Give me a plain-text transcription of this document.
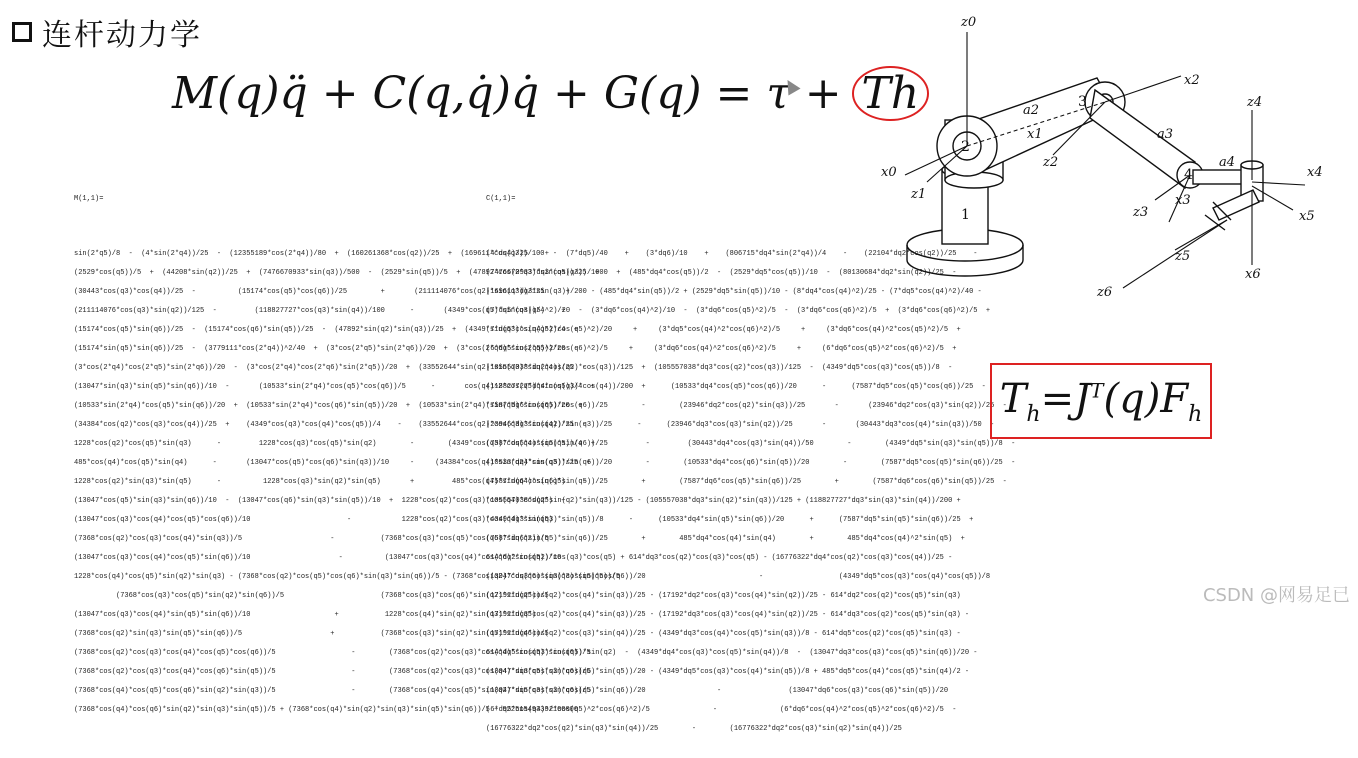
连杆动力学
M(q)q̈ + C(q,q̇)q̇ + G(q) = τ + Th

M(1,1)=

sin(2*q5)/8  -  (4*sin(2*q4))/25  -  (12355189*cos(2*q4))/80  +  (160261368*cos(q2))/25  +  (169611*cos(q3))/100  -
(2529*cos(q5))/5  +  (44208*sin(q2))/25  +  (7476670933*sin(q3))/500  -  (2529*sin(q5))/5  +  (47892*cos(2*q3)*sin(q5))/25  +
(30443*cos(q3)*cos(q4))/25  -          (15174*cos(q5)*cos(q6))/25        +       (211114076*cos(q2)*sin(q3))/125     +
(211114076*cos(q3)*sin(q2))/125  -         (118827727*cos(q3)*sin(q4))/100      -       (4349*cos(q5)*sin(q3))/4    +
(15174*cos(q5)*sin(q6))/25  -  (15174*cos(q6)*sin(q5))/25  -  (47892*sin(q2)*sin(q3))/25  +  (4349*sin(q3)*sin(q5))/4  +
(15174*sin(q5)*sin(q6))/25  -  (3779111*cos(2*q4))^2/40  +  (3*cos(2*q5)*sin(2*q6))/20  +  (3*cos(2*q6)*sin(2*q5))/20  -
(3*cos(2*q4)*cos(2*q5)*sin(2*q6))/20  -  (3*cos(2*q4)*cos(2*q6)*sin(2*q5))/20  +  (33552644*sin(q2)*sin(q3)*sin(q4))/25  -
(13047*sin(q3)*sin(q5)*sin(q6))/10  -       (10533*sin(2*q4)*cos(q5)*cos(q6))/5      -       cos(q4)^2*cos(q5)*sin(q5))/4  +
(10533*sin(2*q4)*cos(q5)*sin(q6))/20  +  (10533*sin(2*q4)*cos(q6)*sin(q5))/20  +  (10533*sin(2*q4)*sin(q5)*sin(q6))/20  +
(34384*cos(q2)*cos(q3)*cos(q4))/25  +    (4349*cos(q3)*cos(q4)*cos(q5))/4    -    (33552644*cos(q2)*cos(q3)*sin(q4))/25  -
1228*cos(q2)*cos(q5)*sin(q3)      -         1228*cos(q3)*cos(q5)*sin(q2)        -        (4349*cos(q3)*cos(q4)*sin(q5))/4  +
485*cos(q4)*cos(q5)*sin(q4)      -       (13047*cos(q5)*cos(q6)*sin(q3))/10     -     (34384*cos(q4)*sin(q2)*sin(q3))/25  +
1228*cos(q2)*sin(q3)*sin(q5)      -          1228*cos(q3)*sin(q2)*sin(q5)       +         485*cos(q4)*sin(q4)*sin(q5)    -
(13047*cos(q5)*sin(q3)*sin(q6))/10  -  (13047*cos(q6)*sin(q3)*sin(q5))/10  +  1228*cos(q2)*cos(q3)*cos(q4)*cos(q5)  +
(13047*cos(q3)*cos(q4)*cos(q5)*cos(q6))/10                       -            1228*cos(q2)*cos(q3)*cos(q4)*sin(q5)
(7368*cos(q2)*cos(q3)*cos(q4)*sin(q3))/5                     -           (7368*cos(q3)*cos(q5)*cos(q6)*sin(q2))/5
(13047*cos(q3)*cos(q4)*cos(q5)*sin(q6))/10                     -          (13047*cos(q3)*cos(q4)*cos(q6)*sin(q5))/10
1228*cos(q4)*cos(q5)*sin(q2)*sin(q3) - (7368*cos(q2)*cos(q5)*cos(q6)*sin(q3)*sin(q6))/5 - (7368*cos(q2)*cos(q6)*sin(q3)*sin(q5))/5
(7368*cos(q3)*cos(q5)*sin(q2)*sin(q6))/5                       (7368*cos(q3)*cos(q6)*sin(q2)*sin(q5))/5
(13047*cos(q3)*cos(q4)*sin(q5)*sin(q6))/10                    +           1228*cos(q4)*sin(q2)*sin(q3)*sin(q5)
(7368*cos(q2)*sin(q3)*sin(q5)*sin(q6))/5                     +           (7368*cos(q3)*sin(q2)*sin(q5)*sin(q6))/5
(7368*cos(q2)*cos(q3)*cos(q4)*cos(q5)*cos(q6))/5                  -        (7368*cos(q2)*cos(q3)*cos(q4)*sin(q5)*sin(q6))/5
(7368*cos(q2)*cos(q3)*cos(q4)*cos(q6)*sin(q5))/5                  -        (7368*cos(q2)*cos(q3)*cos(q4)*sin(q5)*sin(q6))/5
(7368*cos(q4)*cos(q5)*cos(q6)*sin(q2)*sin(q3))/5                  -        (7368*cos(q4)*cos(q5)*sin(q2)*sin(q3)*sin(q6))/5
(7368*cos(q4)*cos(q6)*sin(q2)*sin(q3)*sin(q5))/5 + (7368*cos(q4)*sin(q2)*sin(q3)*sin(q5)*sin(q6))/5 + 92251549339/100000

C(1,1)=

(4*dq4)/25    +    (7*dq5)/40    +    (3*dq6)/10    +    (806715*dq4*sin(2*q4))/4    -    (22104*dq2*cos(q2))/25    -
(7476670933*dq3*cos(q3))/1000  +  (485*dq4*cos(q5))/2  -  (2529*dq5*cos(q5))/10  -  (80130684*dq2*sin(q2))/25  -
(169611*dq3*sin(q3))/200 - (485*dq4*sin(q5))/2 + (2529*dq5*sin(q5))/10 - (8*dq4*cos(q4)^2)/25 - (7*dq5*cos(q4)^2)/40 -
(7*dq5*cos(q5)^2)/20  -  (3*dq6*cos(q4)^2)/10  -  (3*dq6*cos(q5)^2)/5  -  (3*dq6*cos(q6)^2)/5  +  (3*dq6*cos(q6)^2)/5  +
(7*dq5*cos(q4)^2*cos(q5)^2)/20     +     (3*dq5*cos(q4)^2*cos(q6)^2)/5     +     (3*dq6*cos(q4)^2*cos(q5)^2)/5  +
(6*dq5*cos(q5)^2*cos(q6)^2)/5     +     (3*dq6*cos(q4)^2*cos(q6)^2)/5     +     (6*dq6*cos(q5)^2*cos(q6)^2)/5  +
(105557038*dq2*cos(q2)*cos(q3))/125  +  (105557038*dq3*cos(q2)*cos(q3))/125  -  (4349*dq5*cos(q3)*cos(q5))/8  -
(118827727*dq4*cos(q3)*cos(q4))/200  +      (10533*dq4*cos(q5)*cos(q6))/20      -      (7587*dq5*cos(q5)*cos(q6))/25  -
(7587*dq6*cos(q5)*cos(q6))/25        -        (23946*dq2*cos(q2)*sin(q3))/25       -       (23946*dq2*cos(q3)*sin(q2))/25  -
(23946*dq3*cos(q2)*sin(q3))/25      -      (23946*dq3*cos(q3)*sin(q2))/25       -       (30443*dq3*cos(q4)*sin(q3))/50  -
(7587*dq5*cos(q5)*sin(q6))/25         -         (30443*dq4*cos(q3)*sin(q4))/50        -        (4349*dq5*sin(q3)*sin(q5))/8  -
(10533*dq4*cos(q5)*sin(q6))/20        -        (10533*dq4*cos(q6)*sin(q5))/20        -        (7587*dq5*cos(q5)*sin(q6))/25  -
(7587*dq6*cos(q6)*sin(q5))/25        +        (7587*dq6*cos(q5)*sin(q6))/25        +        (7587*dq6*cos(q6)*sin(q5))/25  -
(105557038*dq2*sin(q2)*sin(q3))/125 - (105557038*dq3*sin(q2)*sin(q3))/125 + (118827727*dq3*sin(q3)*sin(q4))/200 +
(4349*dq3*sin(q3)*sin(q5))/8      -      (10533*dq4*sin(q5)*sin(q6))/20      +      (7587*dq5*sin(q5)*sin(q6))/25  +
(7587*dq6*sin(q5)*sin(q6))/25        +        485*dq4*cos(q4)*sin(q4)        +        485*dq4*cos(q4)^2*sin(q5)  +
614*dq2*cos(q2)*cos(q3)*cos(q5) + 614*dq3*cos(q2)*cos(q3)*cos(q5) - (16776322*dq4*cos(q2)*cos(q3)*cos(q4))/25 -
(13047*dq3*cos(q3)*cos(q5)*cos(q6))/20                           -                  (4349*dq5*cos(q3)*cos(q4)*cos(q5))/8
(17192*dq2*cos(q2)*cos(q4)*sin(q3))/25 - (17192*dq2*cos(q3)*cos(q4)*sin(q2))/25 - 614*dq2*cos(q2)*cos(q5)*sin(q3)
(17192*dq3*cos(q2)*cos(q4)*sin(q3))/25 - (17192*dq3*cos(q3)*cos(q4)*sin(q2))/25 - 614*dq3*cos(q2)*cos(q5)*sin(q3) -
(17192*dq4*cos(q2)*cos(q3)*sin(q4))/25 - (4349*dq3*cos(q4)*cos(q5)*sin(q3))/8 - 614*dq5*cos(q2)*cos(q5)*sin(q3) -
614*dq5*cos(q3)*cos(q5)*sin(q2)  -  (4349*dq4*cos(q3)*cos(q5)*sin(q4))/8  -  (13047*dq3*cos(q3)*cos(q5)*sin(q6))/20 -
(13047*dq3*cos(q3)*cos(q6)*sin(q5))/20 - (4349*dq5*cos(q3)*cos(q4)*sin(q5))/8 + 485*dq5*cos(q4)*cos(q5)*sin(q4)/2 -
(13047*dq5*cos(q3)*cos(q5)*sin(q6))/20                 -                (13047*dq6*cos(q3)*cos(q6)*sin(q5))/20
(6*dq5*cos(q4)^2*cos(q5)^2*cos(q6)^2)/5               -               (6*dq6*cos(q4)^2*cos(q5)^2*cos(q6)^2)/5  -
(16776322*dq2*cos(q2)*sin(q3)*sin(q4))/25        -        (16776322*dq2*cos(q3)*sin(q2)*sin(q4))/25

2
1
3
4
z0
x0
z1
x1
a2
z2
x2
a3
z3
x3
a4
z4
x4
z5
x5
z6
x6
$T_h=J^T(q)F_h$
CSDN @网易足已
